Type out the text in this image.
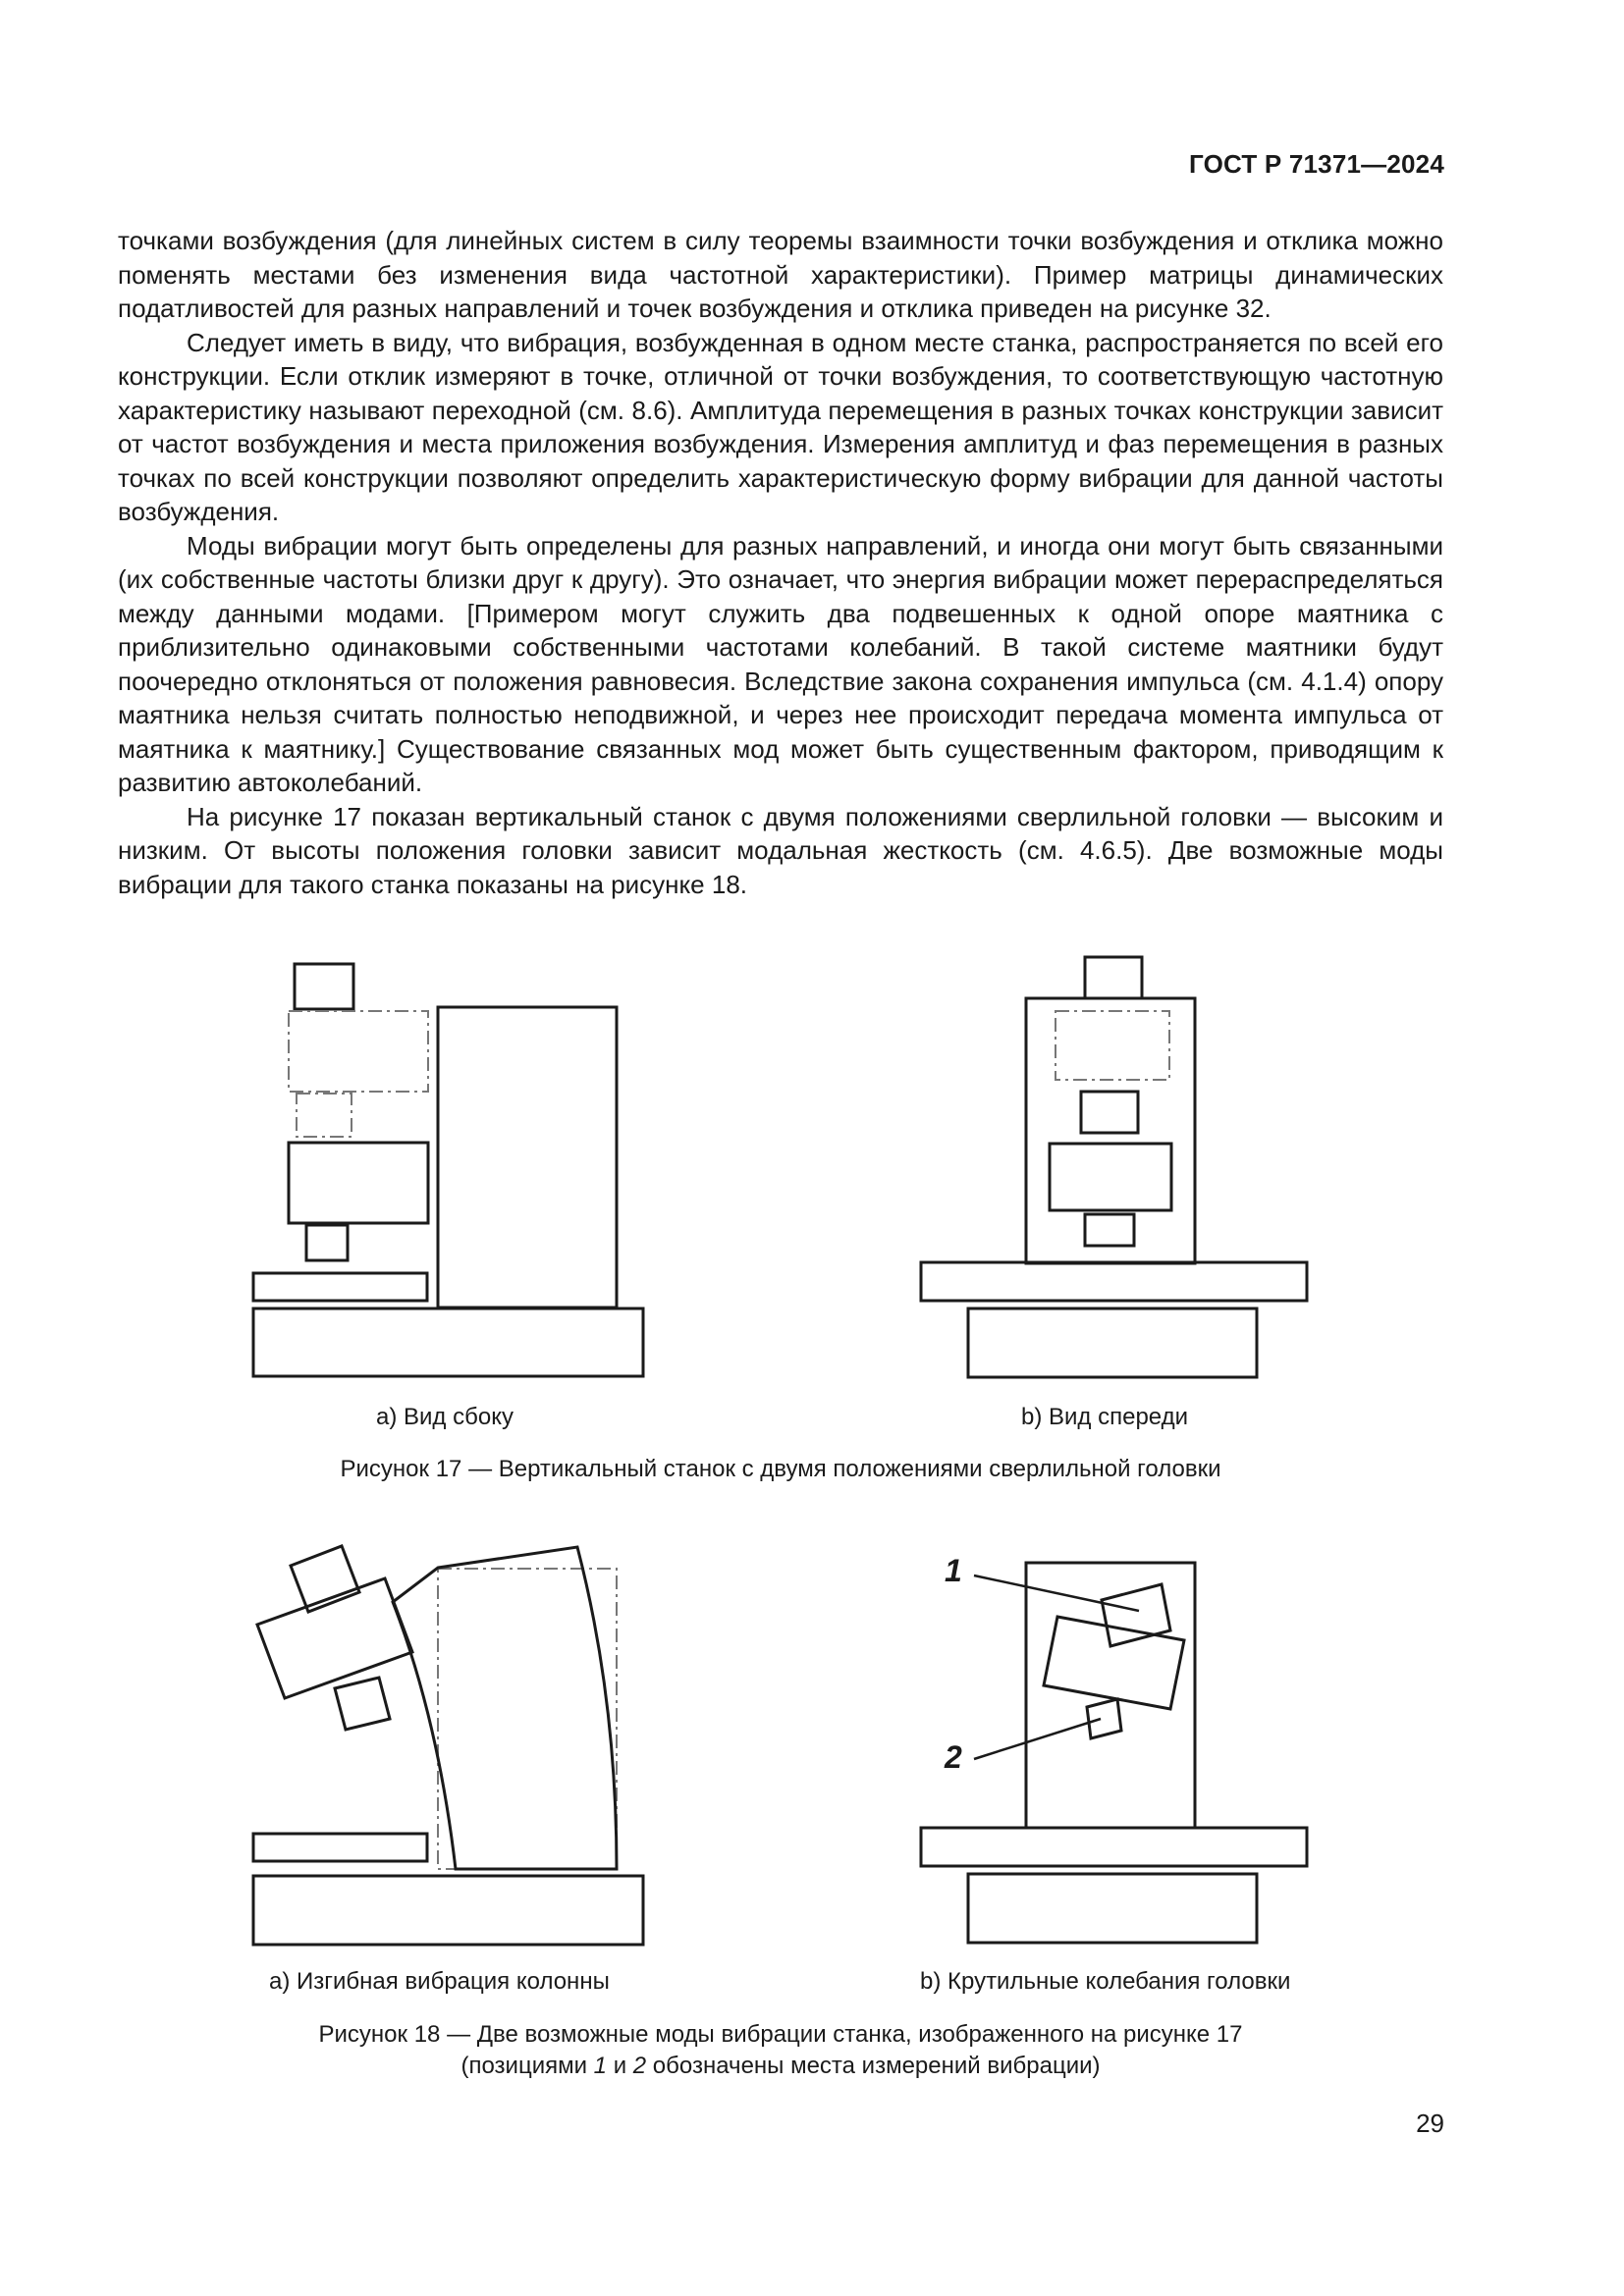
ГОСТ Р 71371—2024

точками возбуждения (для линейных систем в силу теоремы взаимности точки возбуждения и отклика можно поменять местами без изменения вида частотной характеристики). Пример матрицы динамических податливостей для разных направлений и точек возбуждения и отклика приведен на рисунке 32.

Следует иметь в виду, что вибрация, возбужденная в одном месте станка, распространяется по всей его конструкции. Если отклик измеряют в точке, отличной от точки возбуждения, то соответствующую частотную характеристику называют переходной (см. 8.6). Амплитуда перемещения в разных точках конструкции зависит от частот возбуждения и места приложения возбуждения. Измерения амплитуд и фаз перемещения в разных точках по всей конструкции позволяют определить характеристическую форму вибрации для данной частоты возбуждения.

Моды вибрации могут быть определены для разных направлений, и иногда они могут быть связанными (их собственные частоты близки друг к другу). Это означает, что энергия вибрации может перераспределяться между данными модами. [Примером могут служить два подвешенных к одной опоре маятника с приблизительно одинаковыми собственными частотами колебаний. В такой системе маятники будут поочередно отклоняться от положения равновесия. Вследствие закона сохранения импульса (см. 4.1.4) опору маятника нельзя считать полностью неподвижной, и через нее происходит передача момента импульса от маятника к маятнику.] Существование связанных мод может быть существенным фактором, приводящим к развитию автоколебаний.

На рисунке 17 показан вертикальный станок с двумя положениями сверлильной головки — высоким и низким. От высоты положения головки зависит модальная жесткость (см. 4.6.5). Две возможные моды вибрации для такого станка показаны на рисунке 18.

a) Вид сбоку	b) Вид спереди
Рисунок 17 — Вертикальный станок с двумя положениями сверлильной головки
1
2
a) Изгибная вибрация колонны	b) Крутильные колебания головки
Рисунок 18 — Две возможные моды вибрации станка, изображенного на рисунке 17
(позициями 1 и 2 обозначены места измерений вибрации)
29
